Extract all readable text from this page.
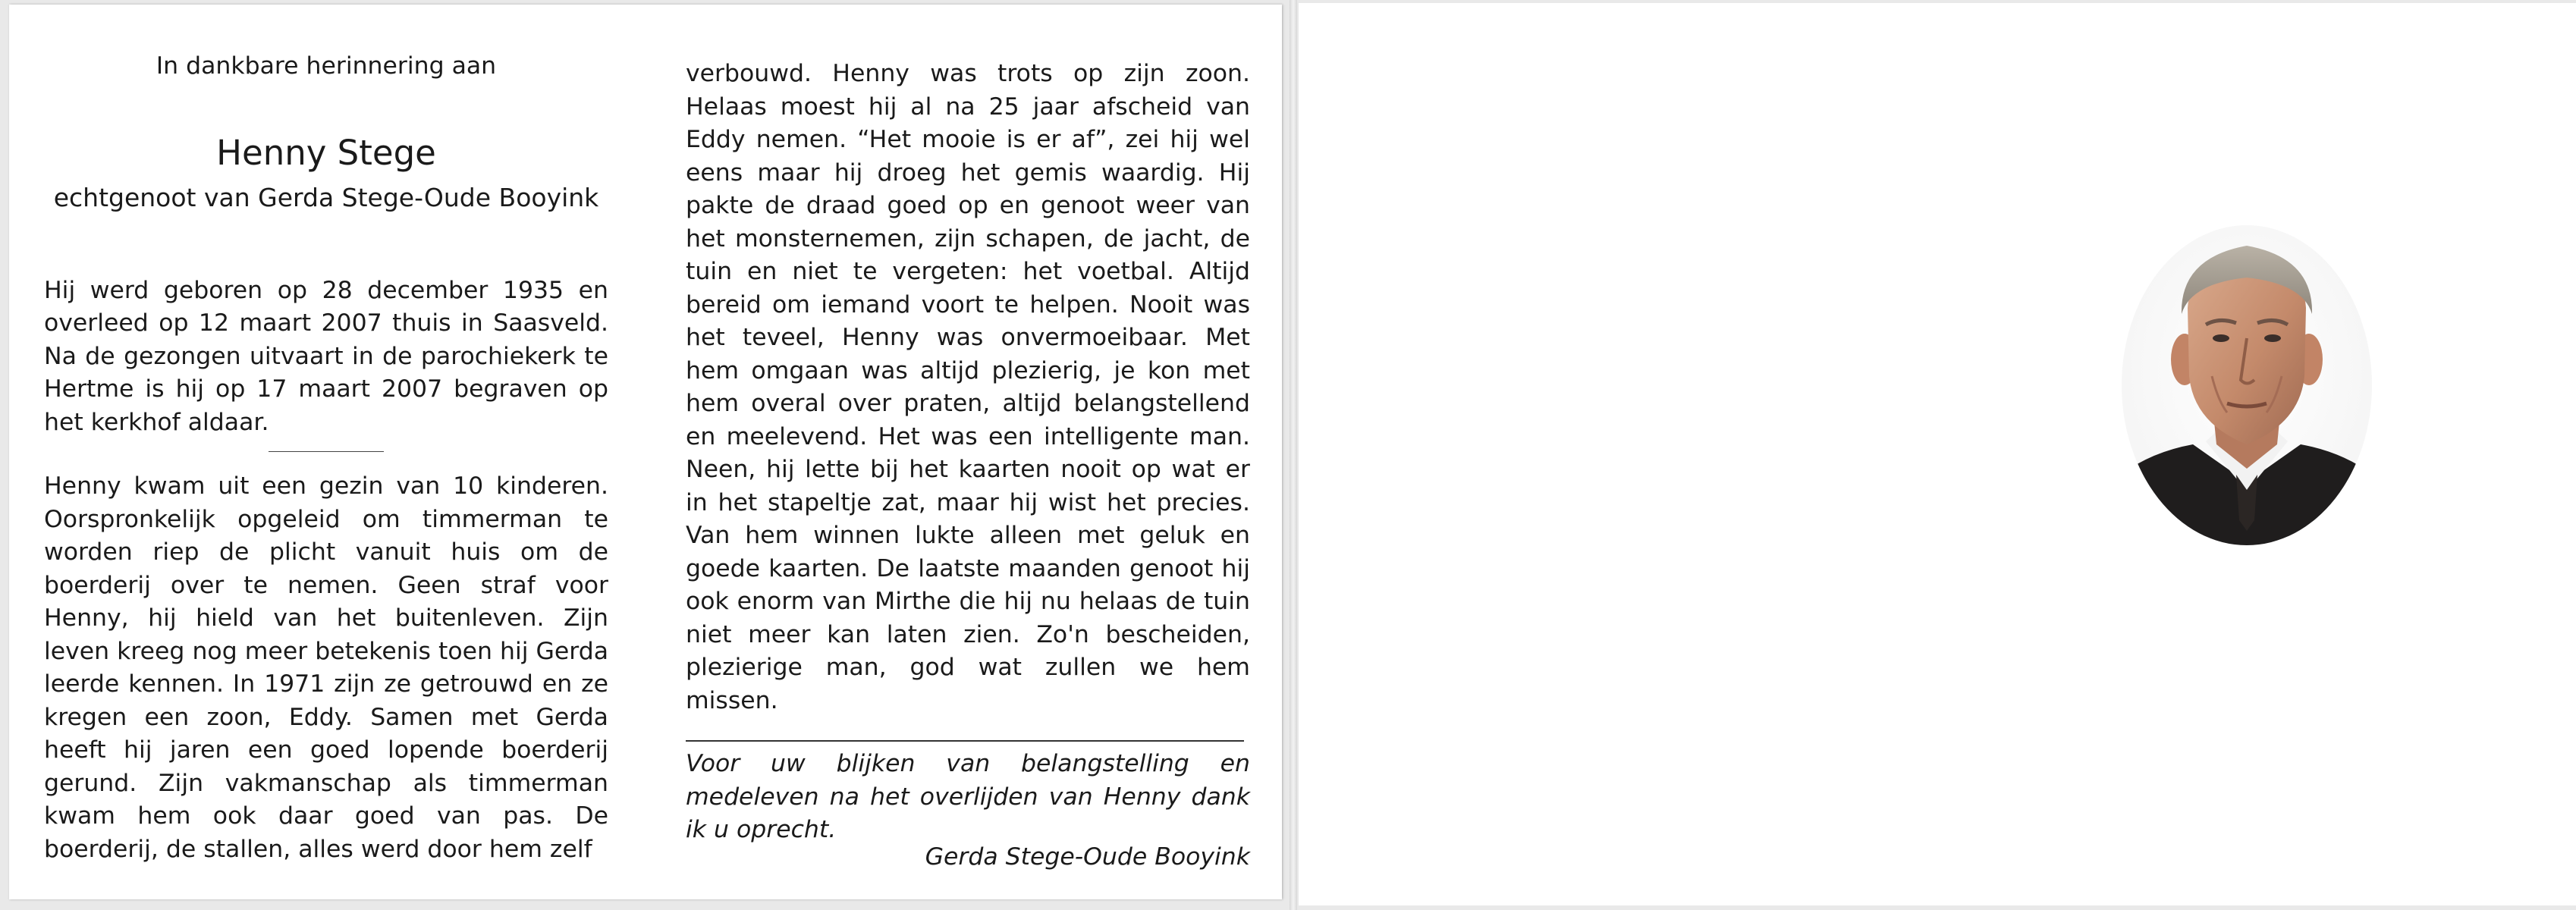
In dankbare herinnering aan

Henny Stege

echtgenoot van Gerda Stege-Oude Booyink

Hij werd geboren op 28 december 1935 en overleed op 12 maart 2007 thuis in Saasveld. Na de gezongen uitvaart in de parochiekerk te Hertme is hij op 17 maart 2007 begraven op het kerkhof aldaar.

Henny kwam uit een gezin van 10 kinderen. Oorspronkelijk opgeleid om timmerman te worden riep de plicht vanuit huis om de boerderij over te nemen. Geen straf voor Henny, hij hield van het buitenleven. Zijn leven kreeg nog meer betekenis toen hij Gerda leerde kennen. In 1971 zijn ze getrouwd en ze kregen een zoon, Eddy. Samen met Gerda heeft hij jaren een goed lopende boerderij gerund. Zijn vakmanschap als timmerman kwam hem ook daar goed van pas. De boerderij, de stallen, alles werd door hem zelf

verbouwd. Henny was trots op zijn zoon. Helaas moest hij al na 25 jaar afscheid van Eddy nemen. “Het mooie is er af”, zei hij wel eens maar hij droeg het gemis waardig. Hij pakte de draad goed op en genoot weer van het monsternemen, zijn schapen, de jacht, de tuin en niet te vergeten: het voetbal. Altijd bereid om iemand voort te helpen. Nooit was het teveel, Henny was onvermoeibaar. Met hem omgaan was altijd plezierig, je kon met hem overal over praten, altijd belangstellend en meelevend. Het was een intelligente man. Neen, hij lette bij het kaarten nooit op wat er in het stapeltje zat, maar hij wist het precies. Van hem winnen lukte alleen met geluk en goede kaarten. De laatste maanden genoot hij ook enorm van Mirthe die hij nu helaas de tuin niet meer kan laten zien. Zo'n bescheiden, plezierige man, god wat zullen we hem missen.

Voor uw blijken van belangstelling en medeleven na het overlijden van Henny dank ik u oprecht.

Gerda Stege-Oude Booyink
